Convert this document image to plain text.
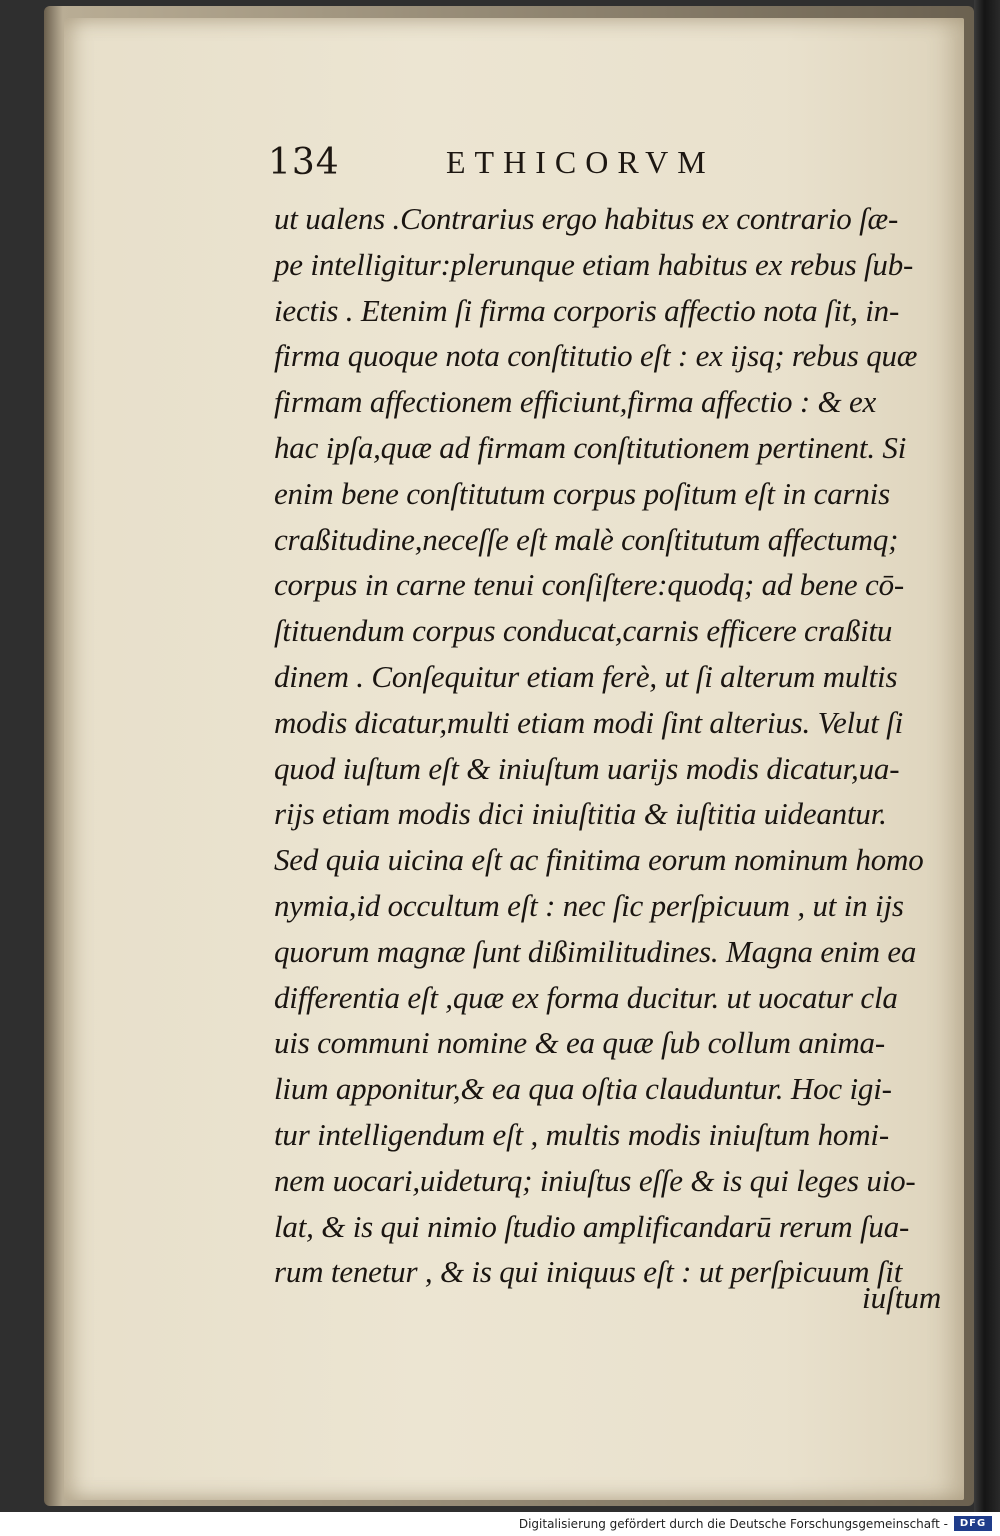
134	ETHICORVM
ut ualens .Contrarius ergo habitus ex contrario ſæ-
pe intelligitur:plerunque etiam habitus ex rebus ſub-
iectis . Etenim ſi firma corporis affectio nota ſit, in-
firma quoque nota conſtitutio eſt : ex ijsq; rebus quæ
firmam affectionem efficiunt,firma affectio : & ex
hac ipſa,quæ ad firmam conſtitutionem pertinent. Si
enim bene conſtitutum corpus poſitum eſt in carnis
craßitudine,neceſſe eſt malè conſtitutum affectumq;
corpus in carne tenui conſiſtere:quodq; ad bene cō-
ſtituendum corpus conducat,carnis efficere craßitu
dinem . Conſequitur etiam ferè, ut ſi alterum multis
modis dicatur,multi etiam modi ſint alterius. Velut ſi
quod iuſtum eſt & iniuſtum uarijs modis dicatur,ua-
rijs etiam modis dici iniuſtitia & iuſtitia uideantur.
Sed quia uicina eſt ac finitima eorum nominum homo
nymia,id occultum eſt : nec ſic perſpicuum , ut in ijs
quorum magnæ ſunt dißimilitudines. Magna enim ea
differentia eſt ,quæ ex forma ducitur. ut uocatur cla
uis communi nomine & ea quæ ſub collum anima-
lium apponitur,& ea qua oſtia clauduntur. Hoc igi-
tur intelligendum eſt , multis modis iniuſtum homi-
nem uocari,uideturq; iniuſtus eſſe & is qui leges uio-
lat, & is qui nimio ſtudio amplificandarū rerum ſua-
rum tenetur , & is qui iniquus eſt : ut perſpicuum ſit
iuſtum
Digitalisierung gefördert durch die Deutsche Forschungsgemeinschaft -	DFG
